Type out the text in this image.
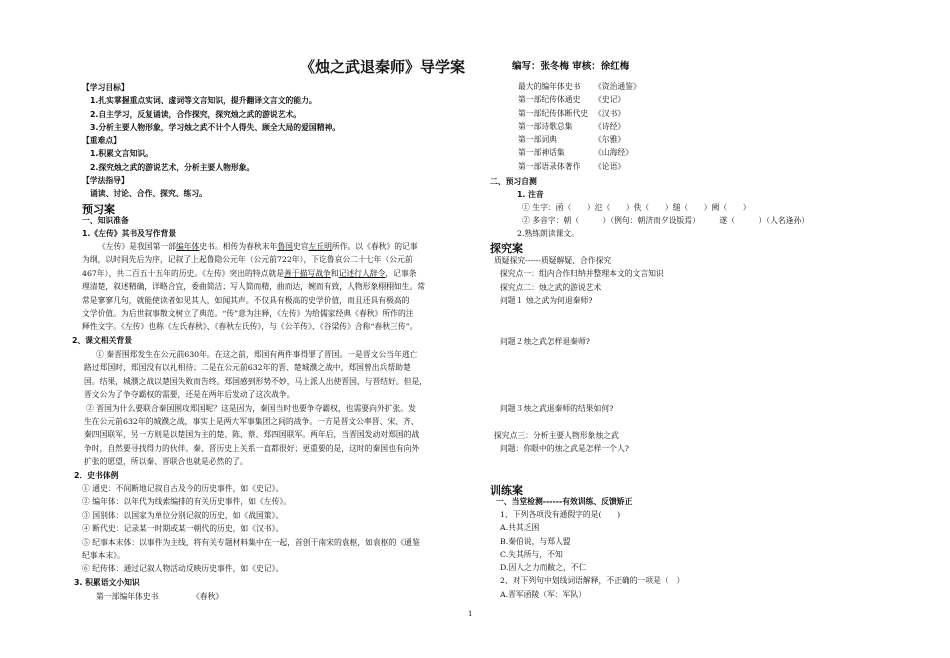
《烛之武退秦师》导学案	编写：张冬梅 审核：徐红梅
【学习目标】
1.扎实掌握重点实词、虚词等文言知识，提升翻译文言文的能力。
2.自主学习，反复诵读，合作探究，探究烛之武的游说艺术。
3.分析主要人物形象，学习烛之武不计个人得失、顾全大局的爱国精神。
【重难点】
1.积累文言知识。
2.探究烛之武的游说艺术，分析主要人物形象。
【学法指导】
诵读、讨论、合作、探究、练习。
预习案
一、知识准备
1.《左传》其书及写作背景
《左传》是我国第一部编年体史书。相传为春秋末年鲁国史官左丘明所作。以《春秋》的记事
为纲，以时间先后为序，记叙了上起鲁隐公元年（公元前722年），下讫鲁哀公二十七年（公元前
467年），共二百五十五年的历史。《左传》突出的特点就是善于描写战争和记述行人辞令，记事条
理清楚，叙述精确，详略合宜，委曲简洁；写人简而精，曲而达，婉而有致，人物形象栩栩如生。常
常是寥寥几句，就能使读者如见其人，如闻其声。不仅具有极高的史学价值，而且还具有极高的
文学价值。为后世叙事散文树立了典范。“传”意为注释，《左传》为给儒家经典《春秋》所作的注
释性文字。《左传》也称《左氏春秋》、《春秋左氏传》，与《公羊传》、《谷梁传》合称“春秋三传”。
2、课文相关背景
① 秦晋围郑发生在公元前630年。在这之前，郑国有两件事得罪了晋国。一是晋文公当年逃亡
路过郑国时，郑国没有以礼相待；二是在公元前632年的晋、楚城濮之战中，郑国曾出兵帮助楚
国。结果，城濮之战以楚国失败而告终。郑国感到形势不妙，马上派人出使晋国，与晋结好。但是，
晋文公为了争夺霸权的需要，还是在两年后发动了这次战争。
② 晋国为什么要联合秦国围攻郑国呢？这是因为，秦国当时也要争夺霸权，也需要向外扩张。发
生在公元前632年的城濮之战，事实上是两大军事集团之间的战争。一方是晋文公率晋、宋、齐、
秦四国联军，另一方则是以楚国为主的楚、陈、蔡、郑四国联军。两年后，当晋国发动对郑国的战
争时，自然要寻找得力的伙伴。秦、晋历史上关系一直都很好；更重要的是，这时的秦国也有向外
扩张的愿望，所以秦、晋联合也就是必然的了。
2．史书体例
① 通史：不间断地记叙自古及今的历史事件，如《史记》。
② 编年体：以年代为线索编排的有关历史事件，如《左传》。
③ 国别体：以国家为单位分别记叙的历史，如《战国策》。
④ 断代史：记录某一时期或某一朝代的历史，如《汉书》。
⑤ 纪事本末体：以事件为主线，将有关专题材料集中在一起，首创于南宋的袁枢，如袁枢的《通鉴
纪事本末》。
⑥ 纪传体：通过记叙人物活动反映历史事件，如《史记》。
3. 积累语文小知识
第一部编年体史书	《春秋》
最大的编年体史书	《资治通鉴》
第一部纪传体通史	《史记》
第一部纪传体断代史 《汉书》
第一部诗歌总集	《诗经》
第一部词典	《尔雅》
第一部神话集	《山海经》
第一部语录体著作	《论语》
二、预习自测
1. 注音
① 生字：函（　　）氾（　　）佚（　　）缒（　　）阙（　　）
② 多音字：朝（　　　）（例句：朝济而夕设版焉）　　　遂（　　　）（人名逢孙）
2.熟练朗读课文。
探究案
质疑探究------质疑解疑、合作探究
探究点一：组内合作归纳并整理本文的文言知识
探究点二：烛之武的游说艺术
问题１ 烛之武为何退秦师?
问题２烛之武怎样退秦师?
问题３烛之武退秦师的结果如何?
探究点三：分析主要人物形象烛之武
问题：你眼中的烛之武是怎样一个人?
训练案
一、当堂检测------有效训练、反馈矫正
1、下列各项没有通假字的是(　　)
A.共其乏困
B.秦伯说，与郑人盟
C.失其所与，不知
D.因人之力而敝之，不仁
2、对下列句中划线词语解释，不正确的一项是（　）
A.晋军函陵（军：军队）
1
